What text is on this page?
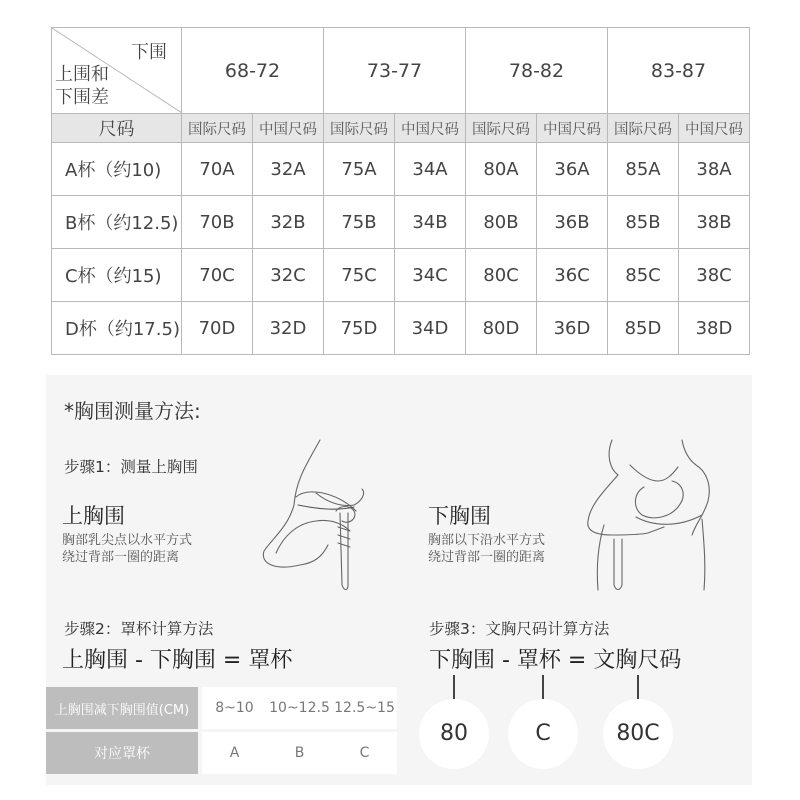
下围
上围和
下围差	68-72		73-77		78-82		83-87	
尺码	国际尺码	中国尺码	国际尺码	中国尺码	国际尺码	中国尺码	国际尺码	中国尺码
A杯（约10)	70A	32A	75A	34A	80A	36A	85A	38A
B杯（约12.5)	70B	32B	75B	34B	80B	36B	85B	38B
C杯（约15)	70C	32C	75C	34C	80C	36C	85C	38C
D杯（约17.5)	70D	32D	75D	34D	80D	36D	85D	38D
*胸围测量方法:
步骤1：测量上胸围
上胸围
胸部乳尖点以水平方式
绕过背部一圈的距离
下胸围
胸部以下沿水平方式
绕过背部一圈的距离
步骤2：罩杯计算方法
上胸围 - 下胸围 = 罩杯
上胸围减下胸围值(CM)		8~10	10~12.5	12.5~15
对应罩杯		A	B	C
步骤3：文胸尺码计算方法
下胸围 - 罩杯 = 文胸尺码
80	C	80C
